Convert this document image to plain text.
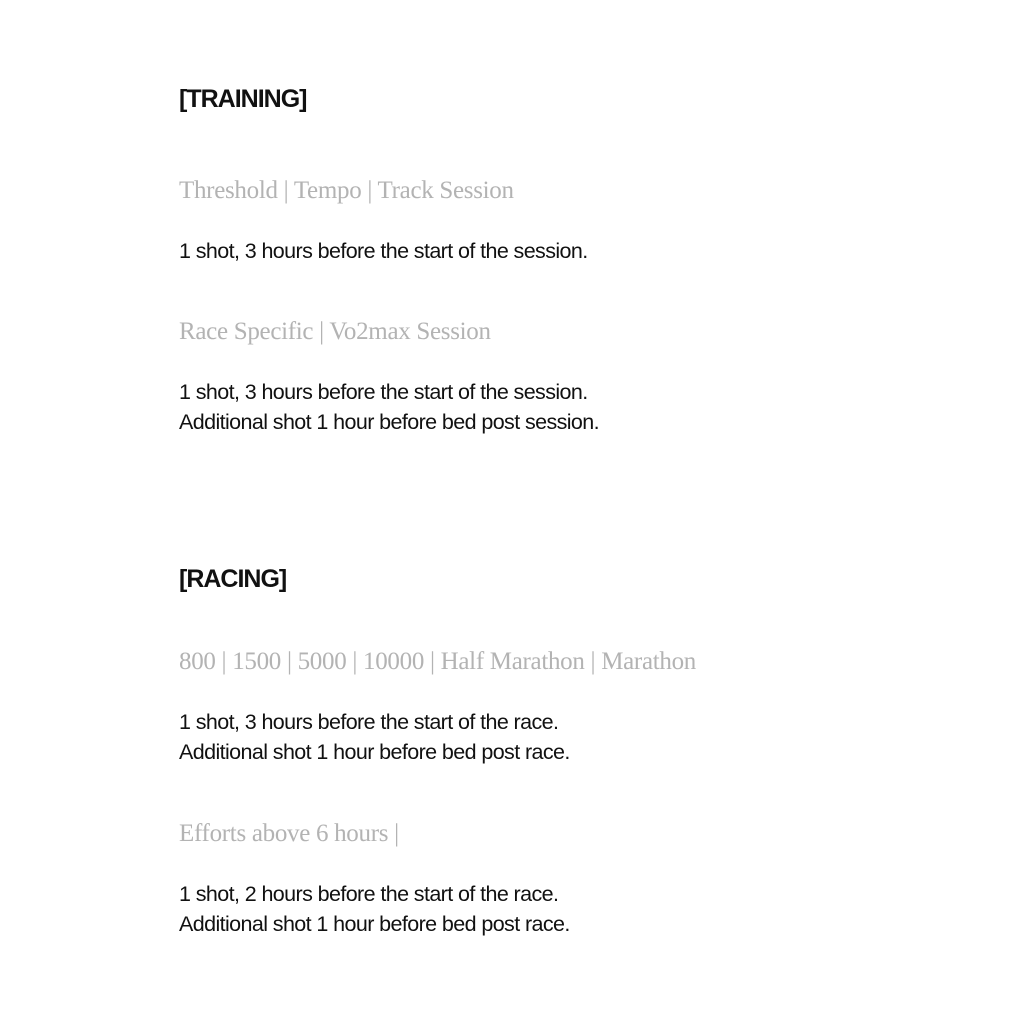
[TRAINING]
Threshold | Tempo | Track Session

1 shot, 3 hours before the start of the session.

Race Specific | Vo2max Session

1 shot, 3 hours before the start of the session.
Additional shot 1 hour before bed post session.

[RACING]
800 | 1500 | 5000 | 10000 | Half Marathon | Marathon

1 shot, 3 hours before the start of the race.
Additional shot 1 hour before bed post race.

Efforts above 6 hours |

1 shot, 2 hours before the start of the race.
Additional shot 1 hour before bed post race.
